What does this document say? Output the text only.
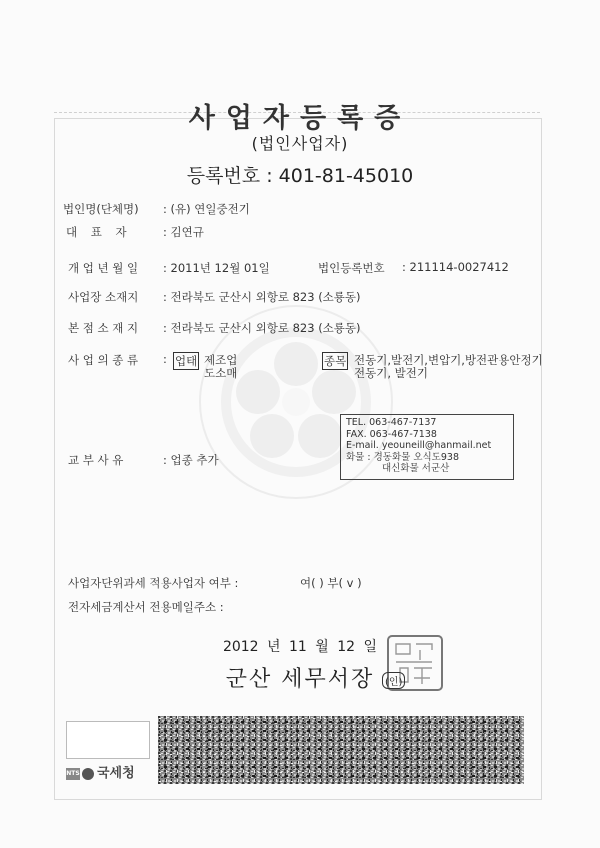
사업자등록증
(법인사업자)
등록번호 : 401-81-45010
법인명(단체명) : (유) 연일중전기
대 표 자	: 김연규
개 업 년 월 일 : 2011년 12월 01일	법인등록번호 : 211114-0027412
사업장 소재지 : 전라북도 군산시 외항로 823 (소룡동)
본 점 소 재 지 : 전라북도 군산시 외항로 823 (소룡동)
사 업 의 종 류 : 업태 제조업
도소매
종목 전동기,발전기,변압기,방전관용안정기
전동기, 발전기
TEL. 063-467-7137
FAX. 063-467-7138
E-mail. yeouneill@hanmail.net
화물 : 경동화물 오식도938
대신화물 서군산
교 부 사 유	: 업종 추가
사업자단위과세 적용사업자 여부 :	여( ) 부( v )
전자세금계산서 전용메일주소 :
2012 년 11 월 12 일
군산 세무서장	(인)
NTS 국세청
